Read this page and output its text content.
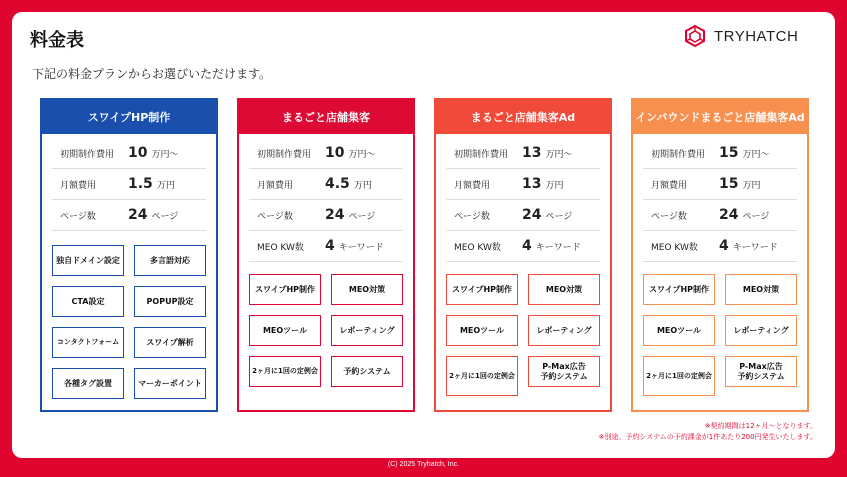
料金表
下記の料金プランからお選びいただけます。
TRYHATCH
スワイプHP制作
初期制作費用 10 万円～
月額費用	1.5 万円
ページ数	24 ページ
独自ドメイン設定	多言語対応
CTA設定	POPUP設定
コンタクトフォーム	スワイプ解析
各種タグ設置	マーカーポイント
まるごと店舗集客
初期制作費用 10 万円～
月額費用	4.5 万円
ページ数	24 ページ
MEO KW数	4 キーワード
スワイプHP制作	MEO対策
MEOツール	レポーティング
2ヶ月に1回の定例会	予約システム
まるごと店舗集客Ad
初期制作費用 13 万円～
月額費用	13 万円
ページ数	24 ページ
MEO KW数	4 キーワード
スワイプHP制作	MEO対策
MEOツール	レポーティング
2ヶ月に1回の定例会
P-Max広告
予約システム
インバウンドまるごと店舗集客Ad
初期制作費用 15 万円～
月額費用	15 万円
ページ数	24 ページ
MEO KW数	4 キーワード
スワイプHP制作	MEO対策
MEOツール	レポーティング
2ヶ月に1回の定例会
P-Max広告
予約システム
※契約期間は12ヶ月～となります。
※別途、予約システムの予約課金が1件あたり200円発生いたします。
(C) 2025 Tryhatch, Inc.
